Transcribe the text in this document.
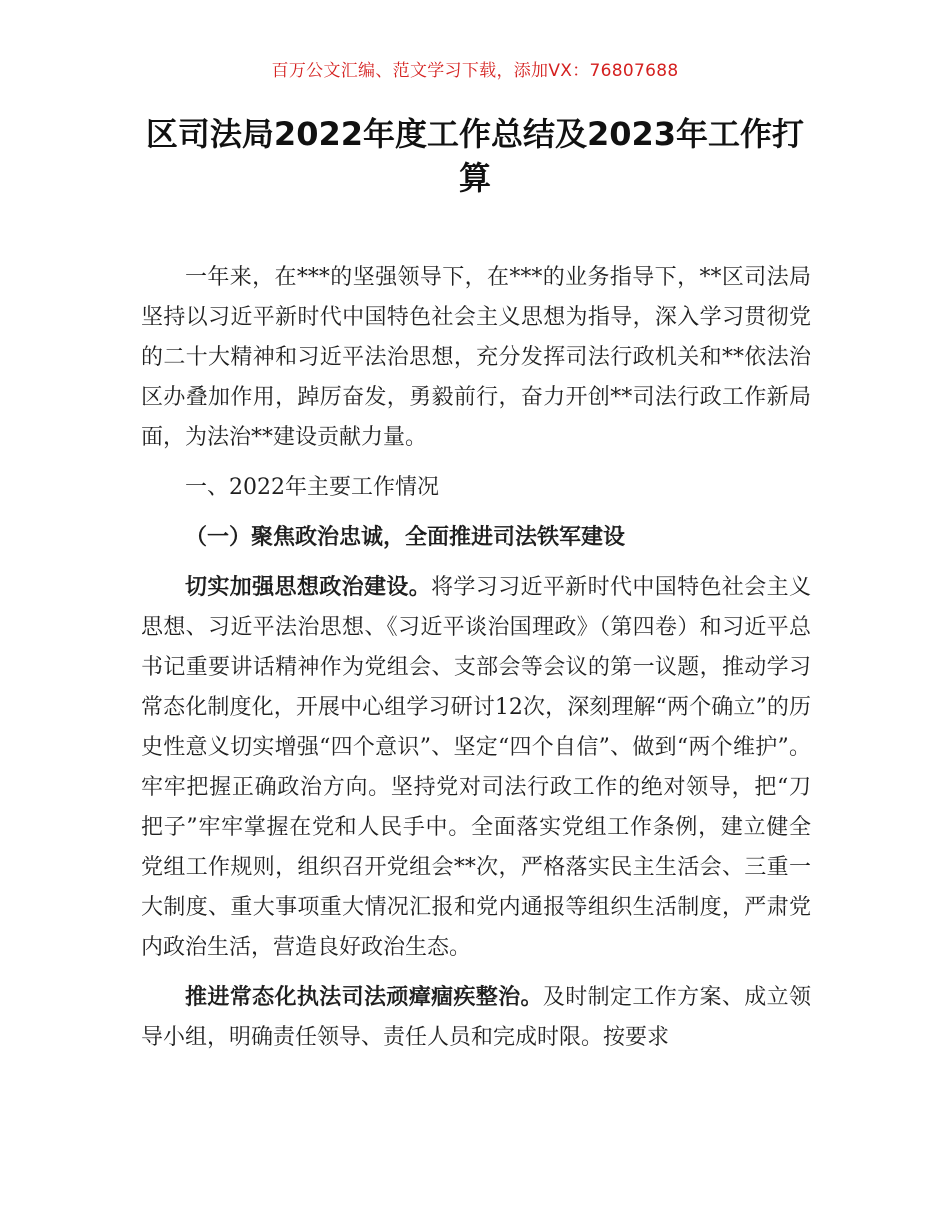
百万公文汇编、范文学习下载，添加VX：76807688
区司法局2022年度工作总结及2023年工作打算

一年来，在***的坚强领导下，在***的业务指导下，**区司法局坚持以习近平新时代中国特色社会主义思想为指导，深入学习贯彻党的二十大精神和习近平法治思想，充分发挥司法行政机关和**依法治区办叠加作用，踔厉奋发，勇毅前行，奋力开创**司法行政工作新局面，为法治**建设贡献力量。

一、2022年主要工作情况

（一）聚焦政治忠诚，全面推进司法铁军建设

切实加强思想政治建设。将学习习近平新时代中国特色社会主义思想、习近平法治思想、《习近平谈治国理政》（第四卷）和习近平总书记重要讲话精神作为党组会、支部会等会议的第一议题，推动学习常态化制度化，开展中心组学习研讨12次，深刻理解“两个确立”的历史性意义切实增强“四个意识”、坚定“四个自信”、做到“两个维护”。牢牢把握正确政治方向。坚持党对司法行政工作的绝对领导，把“刀把子”牢牢掌握在党和人民手中。全面落实党组工作条例，建立健全党组工作规则，组织召开党组会**次，严格落实民主生活会、三重一大制度、重大事项重大情况汇报和党内通报等组织生活制度，严肃党内政治生活，营造良好政治生态。

推进常态化执法司法顽瘴痼疾整治。及时制定工作方案、成立领导小组，明确责任领导、责任人员和完成时限。按要求
